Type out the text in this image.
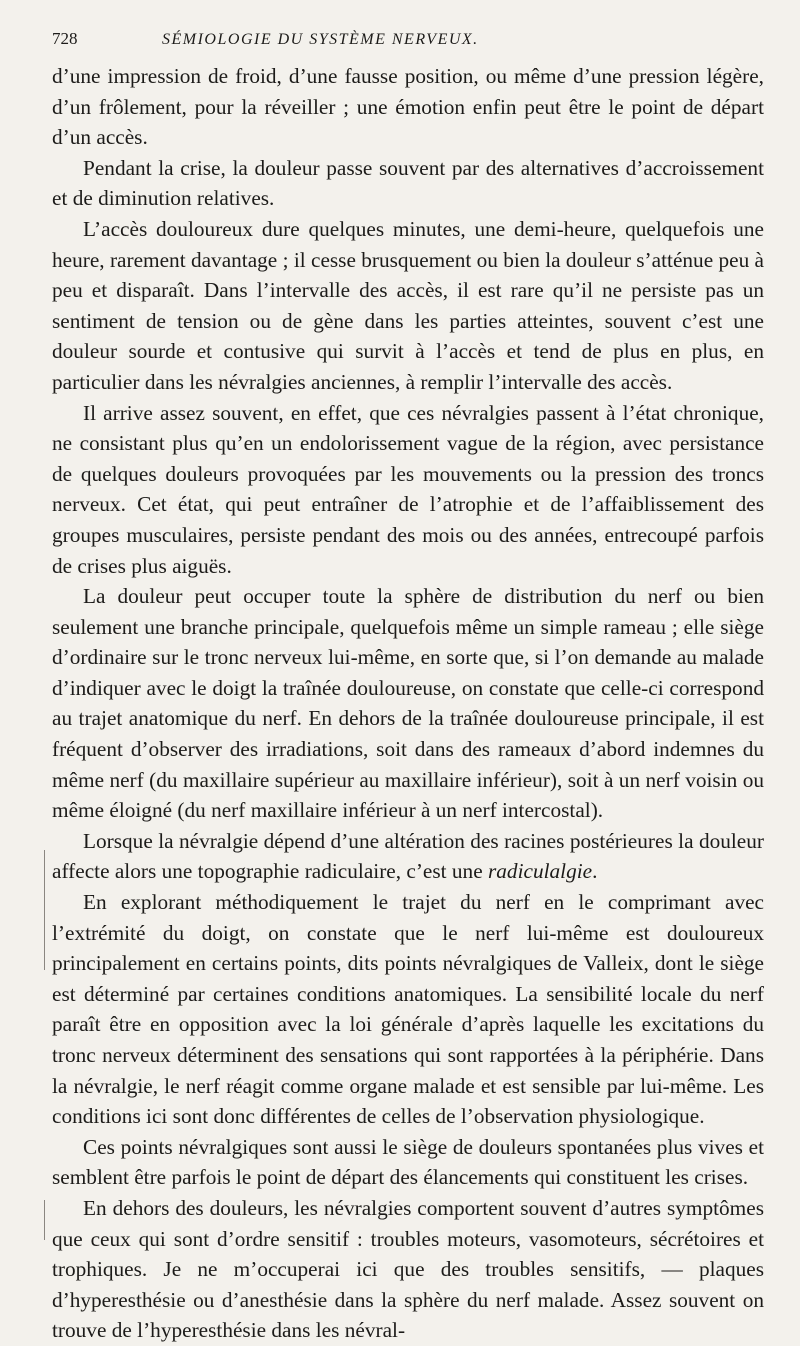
728	SÉMIOLOGIE DU SYSTÈME NERVEUX.

d’une impression de froid, d’une fausse position, ou même d’une pression légère, d’un frôlement, pour la réveiller ; une émotion enfin peut être le point de départ d’un accès.

Pendant la crise, la douleur passe souvent par des alternatives d’accroissement et de diminution relatives.

L’accès douloureux dure quelques minutes, une demi-heure, quelquefois une heure, rarement davantage ; il cesse brusquement ou bien la douleur s’atténue peu à peu et disparaît. Dans l’intervalle des accès, il est rare qu’il ne persiste pas un sentiment de tension ou de gène dans les parties atteintes, souvent c’est une douleur sourde et contusive qui survit à l’accès et tend de plus en plus, en particulier dans les névralgies anciennes, à remplir l’intervalle des accès.

Il arrive assez souvent, en effet, que ces névralgies passent à l’état chronique, ne consistant plus qu’en un endolorissement vague de la région, avec persistance de quelques douleurs provoquées par les mouvements ou la pression des troncs nerveux. Cet état, qui peut entraîner de l’atrophie et de l’affaiblissement des groupes musculaires, persiste pendant des mois ou des années, entrecoupé parfois de crises plus aiguës.

La douleur peut occuper toute la sphère de distribution du nerf ou bien seulement une branche principale, quelquefois même un simple rameau ; elle siège d’ordinaire sur le tronc nerveux lui-même, en sorte que, si l’on demande au malade d’indiquer avec le doigt la traînée douloureuse, on constate que celle-ci correspond au trajet anatomique du nerf. En dehors de la traînée douloureuse principale, il est fréquent d’observer des irradiations, soit dans des rameaux d’abord indemnes du même nerf (du maxillaire supérieur au maxillaire inférieur), soit à un nerf voisin ou même éloigné (du nerf maxillaire inférieur à un nerf intercostal).

Lorsque la névralgie dépend d’une altération des racines postérieures la douleur affecte alors une topographie radiculaire, c’est une radiculalgie.

En explorant méthodiquement le trajet du nerf en le comprimant avec l’extrémité du doigt, on constate que le nerf lui-même est douloureux principalement en certains points, dits points névralgiques de Valleix, dont le siège est déterminé par certaines conditions anatomiques. La sensibilité locale du nerf paraît être en opposition avec la loi générale d’après laquelle les excitations du tronc nerveux déterminent des sensations qui sont rapportées à la périphérie. Dans la névralgie, le nerf réagit comme organe malade et est sensible par lui-même. Les conditions ici sont donc différentes de celles de l’observation physiologique.

Ces points névralgiques sont aussi le siège de douleurs spontanées plus vives et semblent être parfois le point de départ des élancements qui constituent les crises.

En dehors des douleurs, les névralgies comportent souvent d’autres symptômes que ceux qui sont d’ordre sensitif : troubles moteurs, vasomoteurs, sécrétoires et trophiques. Je ne m’occuperai ici que des troubles sensitifs, — plaques d’hyperesthésie ou d’anesthésie dans la sphère du nerf malade. Assez souvent on trouve de l’hyperesthésie dans les névral-
